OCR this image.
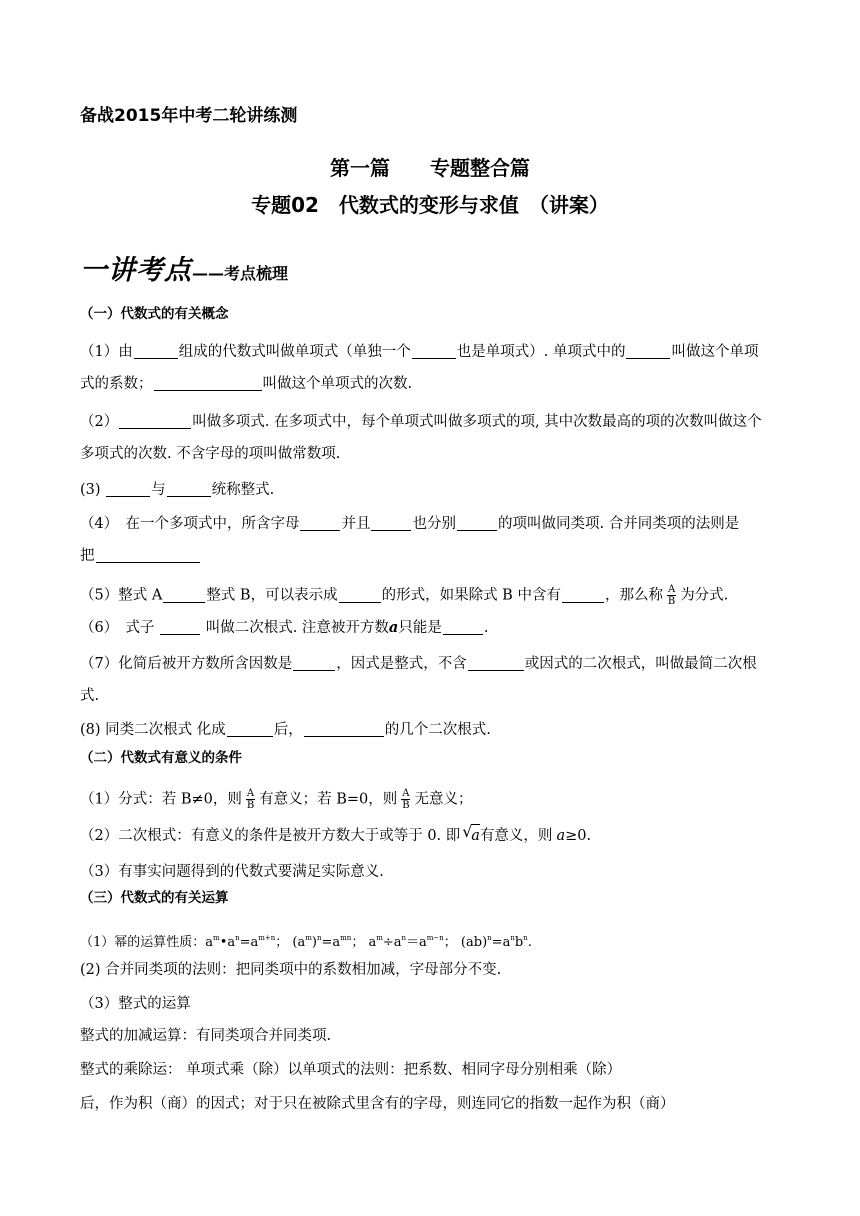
备战2015年中考二轮讲练测
第一篇　　专题整合篇
专题02　代数式的变形与求值　（讲案）
一讲考点——考点梳理
（一）代数式的有关概念
（1）由	组成的代数式叫做单项式（单独一个	也是单项式）. 单项式中的	叫做这个单项
式的系数；	叫做这个单项式的次数.
（2）	叫做多项式. 在多项式中，每个单项式叫做多项式的项, 其中次数最高的项的次数叫做这个
多项式的次数. 不含字母的项叫做常数项.
(3)	与	统称整式.
（4）　在一个多项式中，所含字母	并且	也分别	的项叫做同类项. 合并同类项的法则是
把
（5）整式 A	整式 B，可以表示成	的形式，如果除式 B 中含有	，那么称 $\frac{A}{B}$ 为分式.
（6）　式子	叫做二次根式. 注意被开方数a只能是	.
（7）化简后被开方数所含因数是	，因式是整式，不含	或因式的二次根式，叫做最简二次根
式.
(8) 同类二次根式 化成	后，	的几个二次根式.
（二）代数式有意义的条件
（1）分式：若 B≠0，则 $\frac{A}{B}$ 有意义；若 B=0，则 $\frac{A}{B}$ 无意义；
（2）二次根式：有意义的条件是被开方数大于或等于 0. 即 √
a有意义，则 a≥0.
（3）有事实问题得到的代数式要满足实际意义.
（三）代数式的有关运算
（1）幂的运算性质：$a^m•a^n=a^{m+n}$； $(a^m)^n=a^{mn}$； $a^m\div a^n=a^{m-n}$； $(ab)^n=a^nb^n$.
(2) 合并同类项的法则：把同类项中的系数相加减，字母部分不变.
（3）整式的运算
整式的加减运算：有同类项合并同类项.
整式的乘除运： 单项式乘（除）以单项式的法则：把系数、相同字母分别相乘（除）
后，作为积（商）的因式；对于只在被除式里含有的字母，则连同它的指数一起作为积（商）
